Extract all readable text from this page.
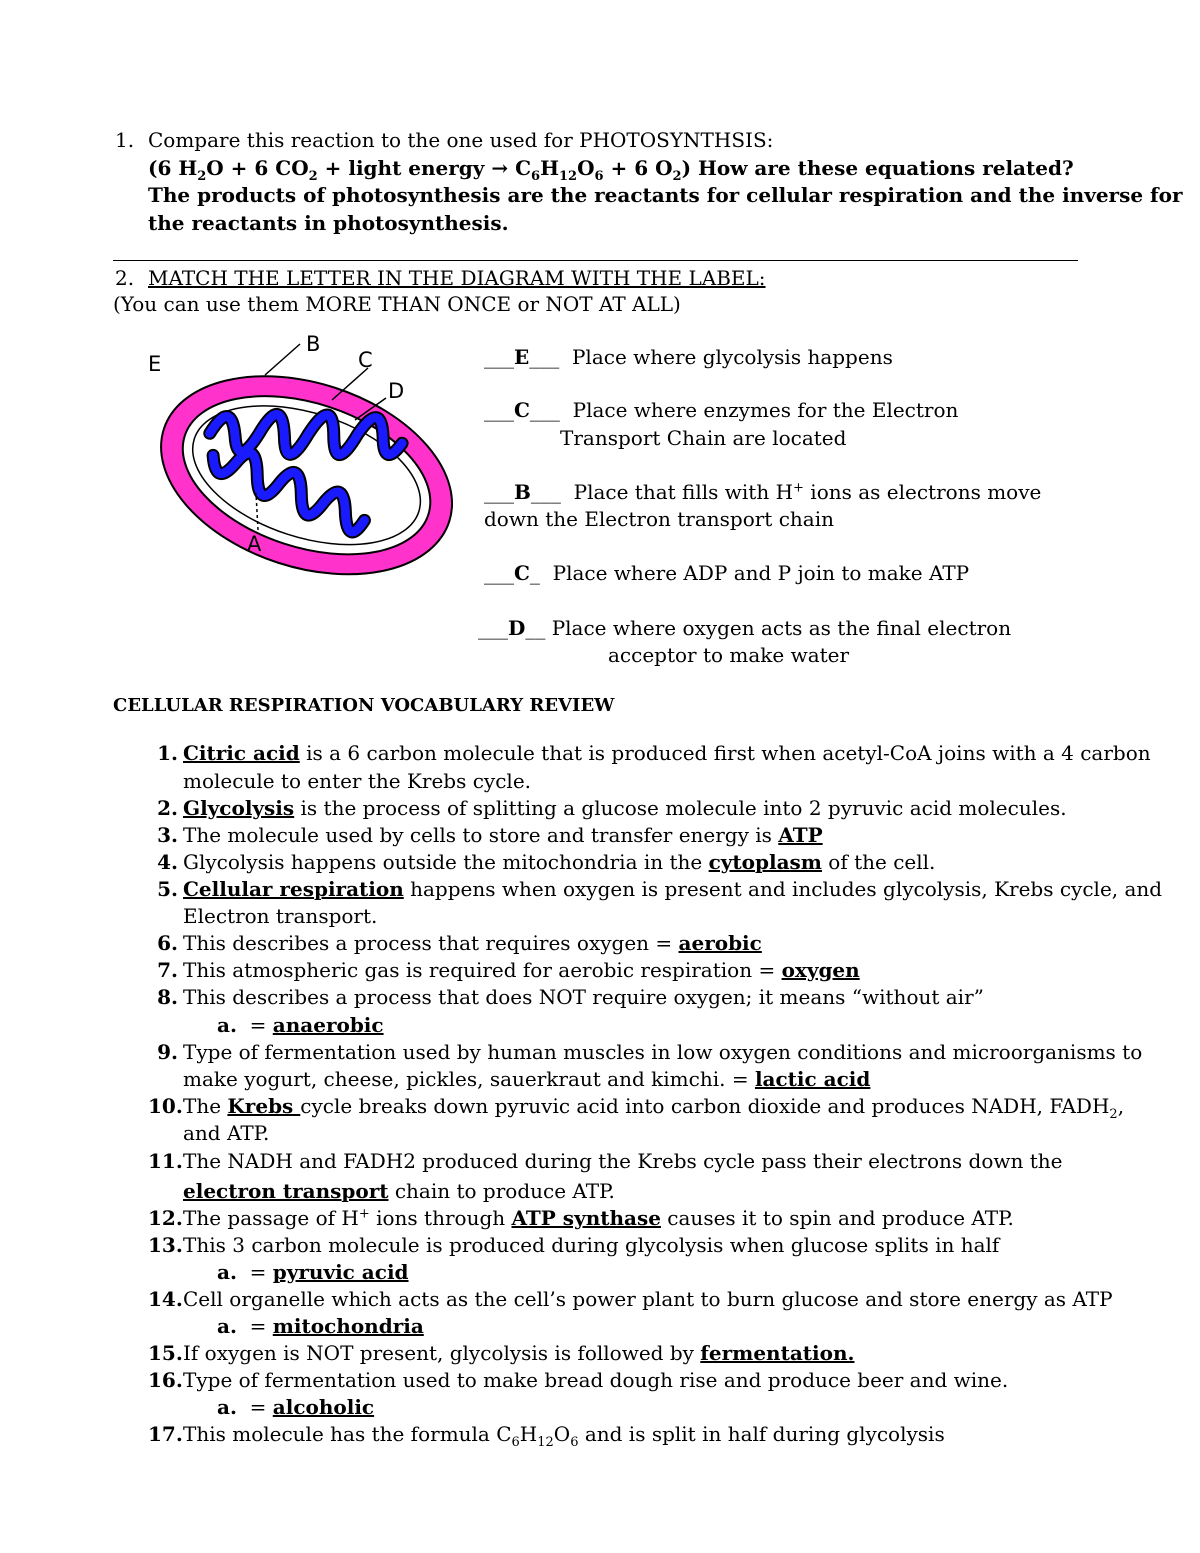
1. Compare this reaction to the one used for PHOTOSYNTHSIS:
(6 $H_2O + 6$ $CO_2$ + light energy → $C_6H_{12}O_6 + 6$ $O_2$) How are these equations related?
The products of photosynthesis are the reactants for cellular respiration and the inverse for
the reactants in photosynthesis.
2. MATCH THE LETTER IN THE DIAGRAM WITH THE LABEL:
(You can use them MORE THAN ONCE or NOT AT ALL)
E
B
C
D
A
___E___  Place where glycolysis happens
___C___  Place where enzymes for the Electron
Transport Chain are located
___B___  Place that fills with H+ ions as electrons move
down the Electron transport chain
___C_  Place where ADP and P join to make ATP
___D__ Place where oxygen acts as the final electron
acceptor to make water
CELLULAR RESPIRATION VOCABULARY REVIEW
1. Citric acid is a 6 carbon molecule that is produced first when acetyl-CoA joins with a 4 carbon
molecule to enter the Krebs cycle.
2. Glycolysis is the process of splitting a glucose molecule into 2 pyruvic acid molecules.
3. The molecule used by cells to store and transfer energy is ATP
4. Glycolysis happens outside the mitochondria in the cytoplasm of the cell.
5. Cellular respiration happens when oxygen is present and includes glycolysis, Krebs cycle, and
Electron transport.
6. This describes a process that requires oxygen = aerobic
7. This atmospheric gas is required for aerobic respiration = oxygen
8. This describes a process that does NOT require oxygen; it means “without air”
a.  = anaerobic
9. Type of fermentation used by human muscles in low oxygen conditions and microorganisms to
make yogurt, cheese, pickles, sauerkraut and kimchi. = lactic acid
10. The Krebs cycle breaks down pyruvic acid into carbon dioxide and produces NADH, $FADH_2$,
and ATP.
11. The NADH and FADH2 produced during the Krebs cycle pass their electrons down the
electron transport chain to produce ATP.
12. The passage of H+ ions through ATP synthase causes it to spin and produce ATP.
13. This 3 carbon molecule is produced during glycolysis when glucose splits in half
a.  = pyruvic acid
14. Cell organelle which acts as the cell’s power plant to burn glucose and store energy as ATP
a.  = mitochondria
15. If oxygen is NOT present, glycolysis is followed by fermentation.
16. Type of fermentation used to make bread dough rise and produce beer and wine.
a.  = alcoholic
17. This molecule has the formula $C_6H_{12}O_6$ and is split in half during glycolysis
